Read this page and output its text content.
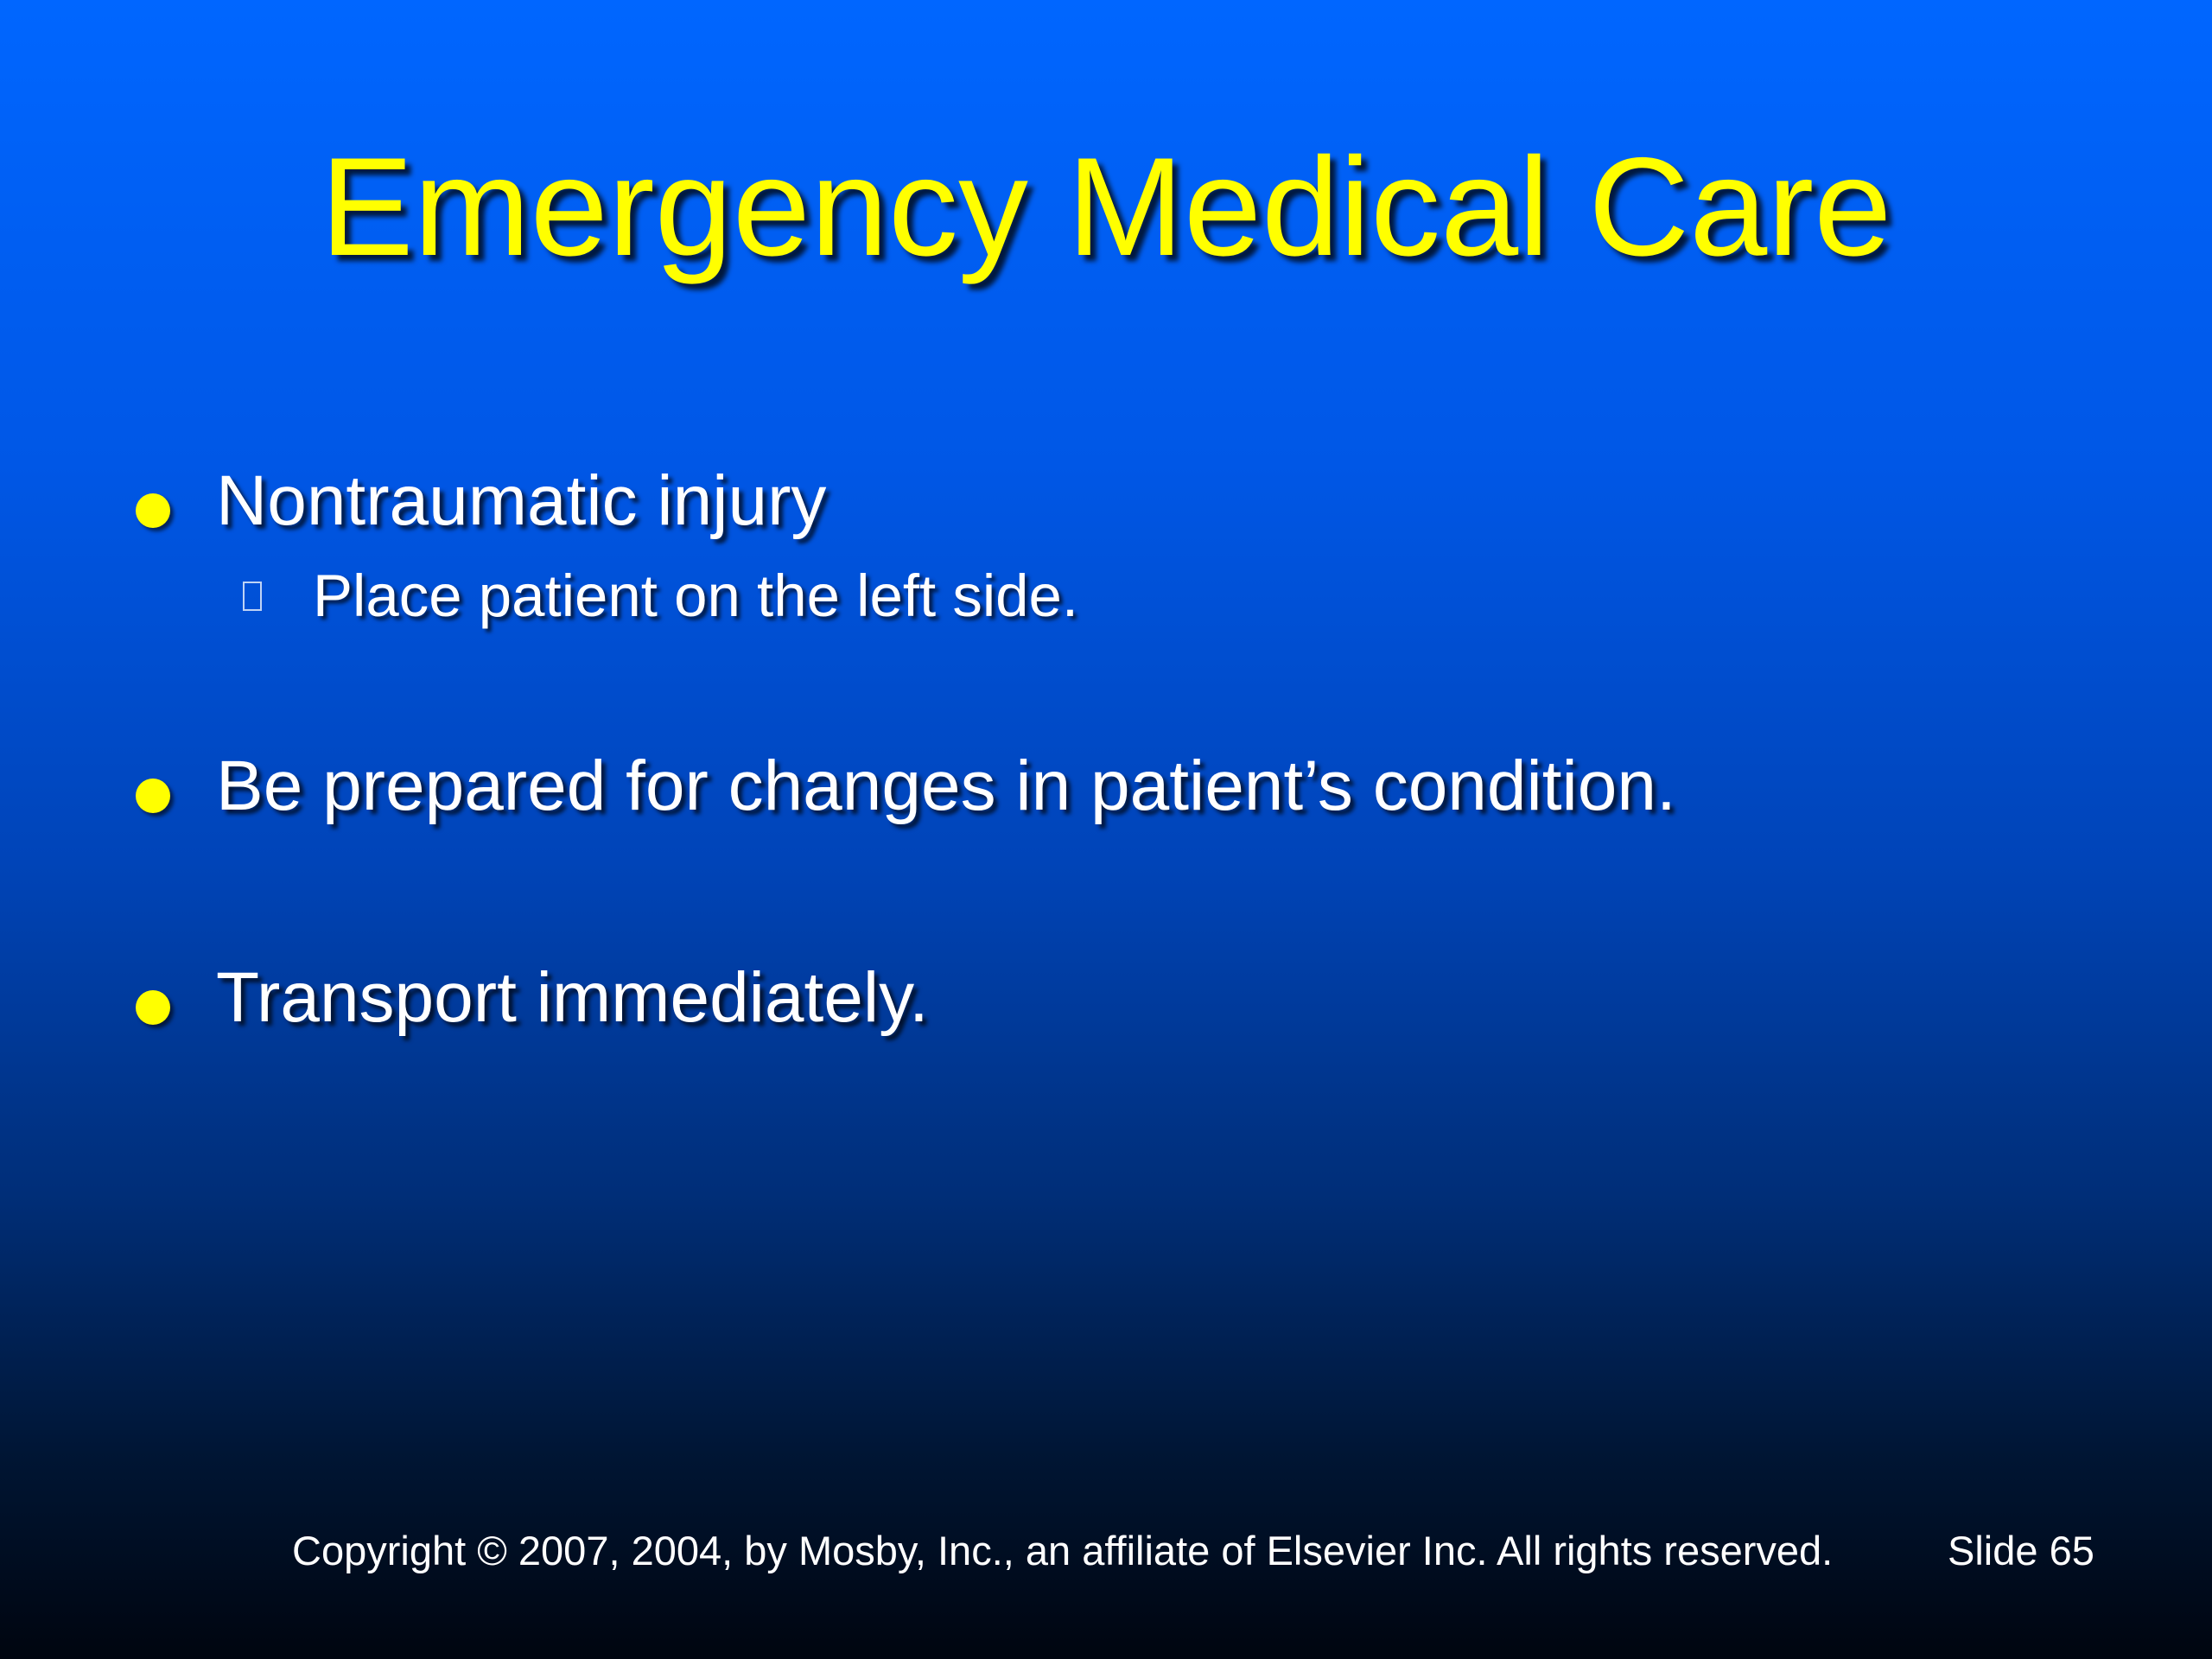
Emergency Medical Care
Nontraumatic injury
Place patient on the left side.
Be prepared for changes in patient’s condition.
Transport immediately.
Copyright © 2007, 2004, by Mosby, Inc., an affiliate of Elsevier Inc. All rights reserved.	Slide 65
